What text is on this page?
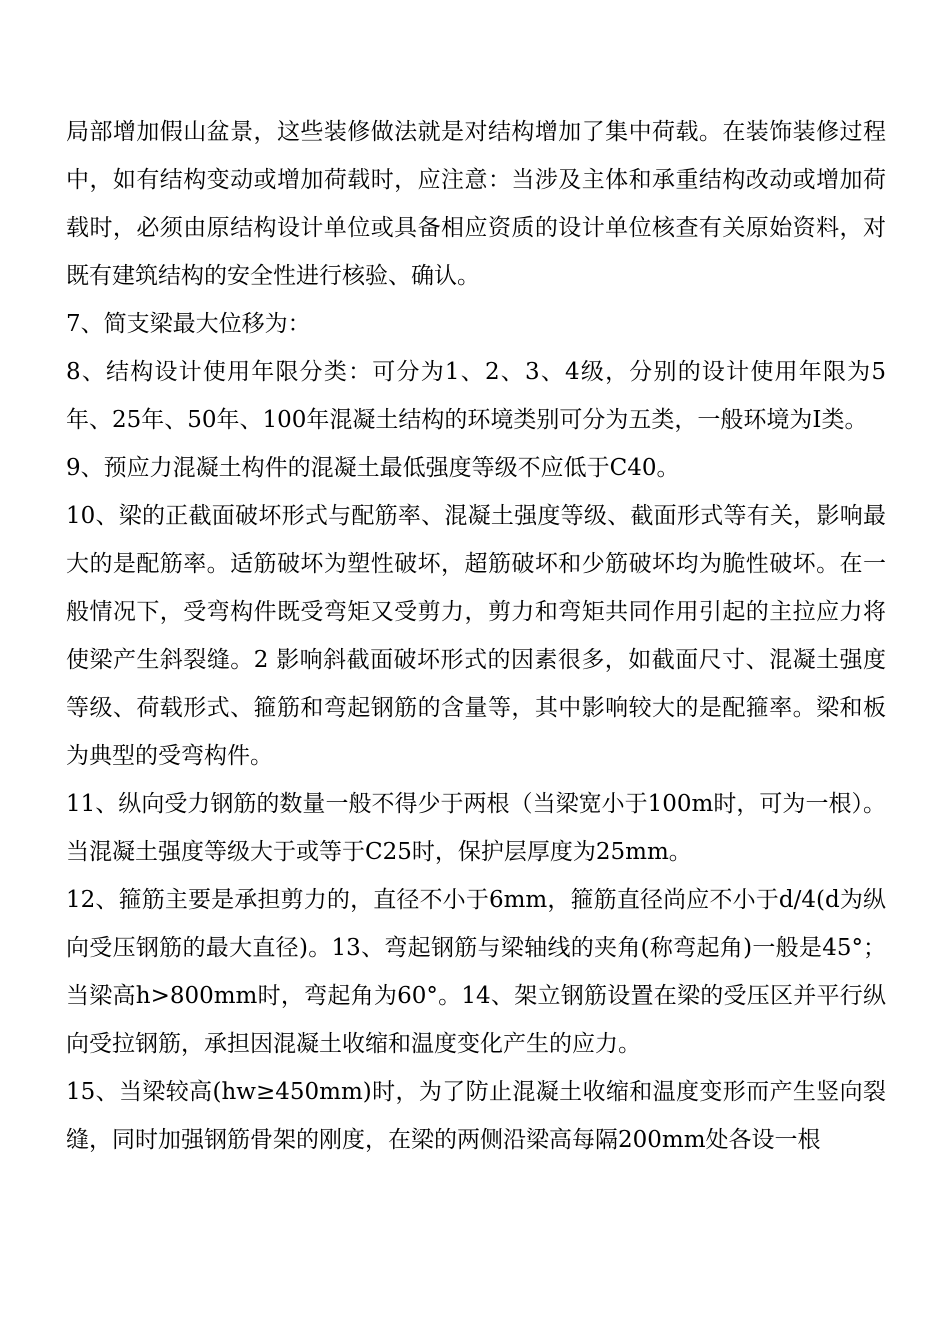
局部增加假山盆景，这些装修做法就是对结构增加了集中荷载。在装饰装修过程中，如有结构变动或增加荷载时，应注意：当涉及主体和承重结构改动或增加荷载时，必须由原结构设计单位或具备相应资质的设计单位核查有关原始资料，对既有建筑结构的安全性进行核验、确认。

7、简支梁最大位移为：

8、结构设计使用年限分类：可分为1、2、3、4级，分别的设计使用年限为5年、25年、50年、100年混凝土结构的环境类别可分为五类，一般环境为I类。

9、预应力混凝土构件的混凝土最低强度等级不应低于C40。

10、梁的正截面破坏形式与配筋率、混凝土强度等级、截面形式等有关，影响最大的是配筋率。适筋破坏为塑性破坏，超筋破坏和少筋破坏均为脆性破坏。在一般情况下，受弯构件既受弯矩又受剪力，剪力和弯矩共同作用引起的主拉应力将使梁产生斜裂缝。2 影响斜截面破坏形式的因素很多，如截面尺寸、混凝土强度等级、荷载形式、箍筋和弯起钢筋的含量等，其中影响较大的是配箍率。梁和板为典型的受弯构件。

11、纵向受力钢筋的数量一般不得少于两根（当梁宽小于100m时，可为一根）。当混凝土强度等级大于或等于C25时，保护层厚度为25mm。

12、箍筋主要是承担剪力的，直径不小于6mm，箍筋直径尚应不小于d/4(d为纵向受压钢筋的最大直径)。13、弯起钢筋与梁轴线的夹角(称弯起角)一般是45°；当梁高h>800mm时，弯起角为60°。14、架立钢筋设置在梁的受压区并平行纵向受拉钢筋，承担因混凝土收缩和温度变化产生的应力。

15、当梁较高(hw≥450mm)时，为了防止混凝土收缩和温度变形而产生竖向裂缝，同时加强钢筋骨架的刚度，在梁的两侧沿梁高每隔200mm处各设一根
